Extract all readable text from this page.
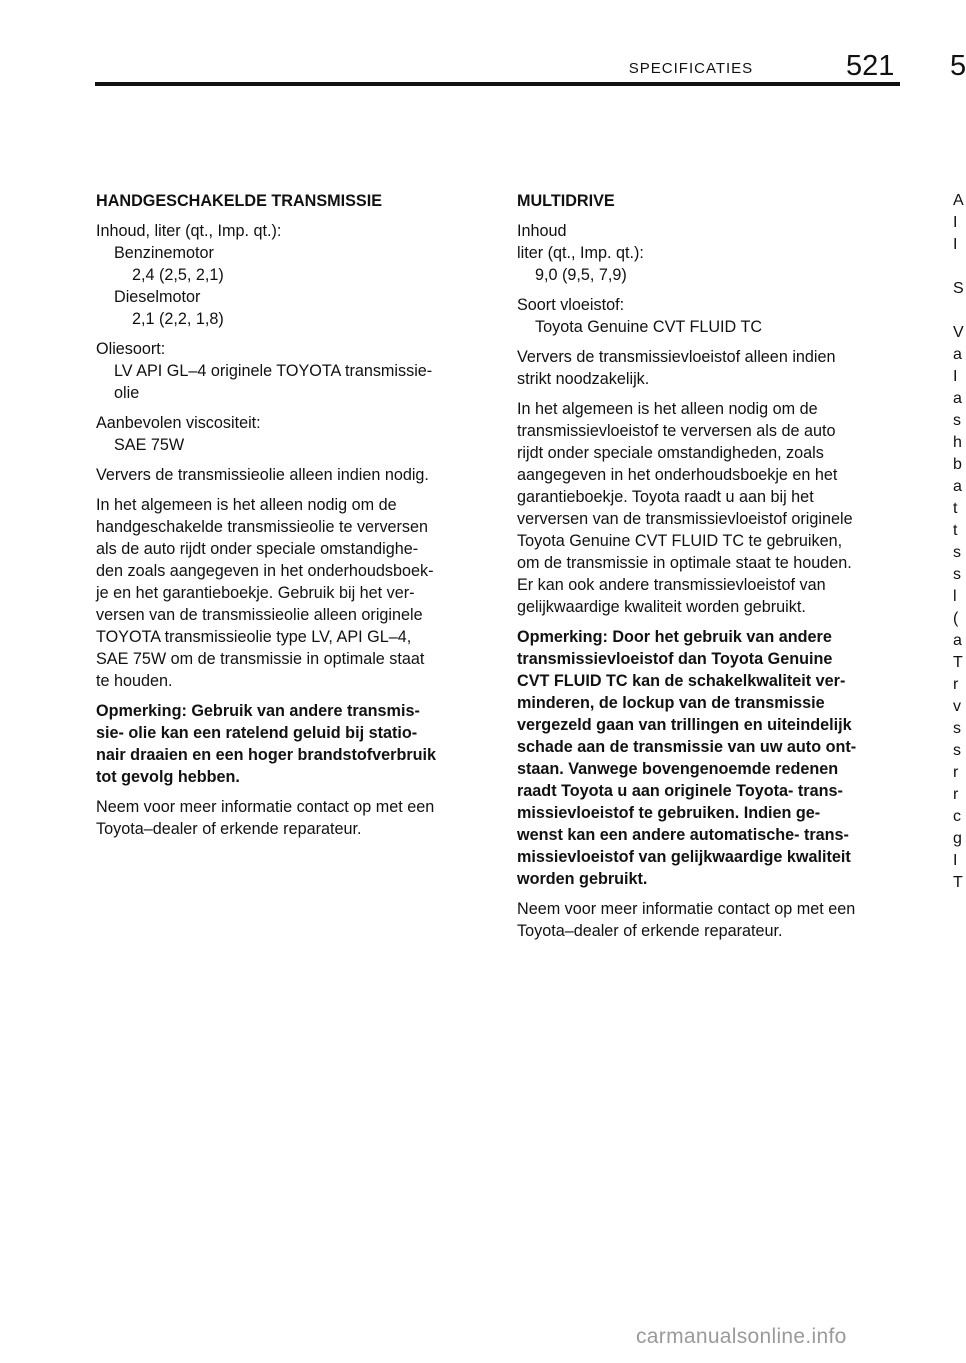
SPECIFICATIES	521 5
HANDGESCHAKELDE TRANSMISSIE

Inhoud, liter (qt., Imp. qt.):
Benzinemotor
2,4 (2,5, 2,1)
Dieselmotor
2,1 (2,2, 1,8)

Oliesoort:
LV API GL–4 originele TOYOTA transmissie-
olie

Aanbevolen viscositeit:
SAE 75W

Ververs de transmissieolie alleen indien nodig.

In het algemeen is het alleen nodig om de
handgeschakelde transmissieolie te verversen
als de auto rijdt onder speciale omstandighe-
den zoals aangegeven in het onderhoudsboek-
je en het garantieboekje. Gebruik bij het ver-
versen van de transmissieolie alleen originele
TOYOTA transmissieolie type LV, API GL–4,
SAE 75W om de transmissie in optimale staat
te houden.

Opmerking: Gebruik van andere transmis-
sie- olie kan een ratelend geluid bij statio-
nair draaien en een hoger brandstofverbruik
tot gevolg hebben.

Neem voor meer informatie contact op met een
Toyota–dealer of erkende reparateur.

MULTIDRIVE

Inhoud
liter (qt., Imp. qt.):
9,0 (9,5, 7,9)

Soort vloeistof:
Toyota Genuine CVT FLUID TC

Ververs de transmissievloeistof alleen indien
strikt noodzakelijk.

In het algemeen is het alleen nodig om de
transmissievloeistof te verversen als de auto
rijdt onder speciale omstandigheden, zoals
aangegeven in het onderhoudsboekje en het
garantieboekje. Toyota raadt u aan bij het
verversen van de transmissievloeistof originele
Toyota Genuine CVT FLUID TC te gebruiken,
om de transmissie in optimale staat te houden.
Er kan ook andere transmissievloeistof van
gelijkwaardige kwaliteit worden gebruikt.

Opmerking: Door het gebruik van andere
transmissievloeistof dan Toyota Genuine
CVT FLUID TC kan de schakelkwaliteit ver-
minderen, de lockup van de transmissie
vergezeld gaan van trillingen en uiteindelijk
schade aan de transmissie van uw auto ont-
staan. Vanwege bovengenoemde redenen
raadt Toyota u aan originele Toyota- trans-
missievloeistof te gebruiken. Indien ge-
wenst kan een andere automatische- trans-
missievloeistof van gelijkwaardige kwaliteit
worden gebruikt.

Neem voor meer informatie contact op met een
Toyota–dealer of erkende reparateur.

A
I
I

S

V
a
I
a
s
h
b
a
t
t
s
s
l
(
a
T
r
v
s
s
r
r
c
g
I
T
carmanualsonline.info
